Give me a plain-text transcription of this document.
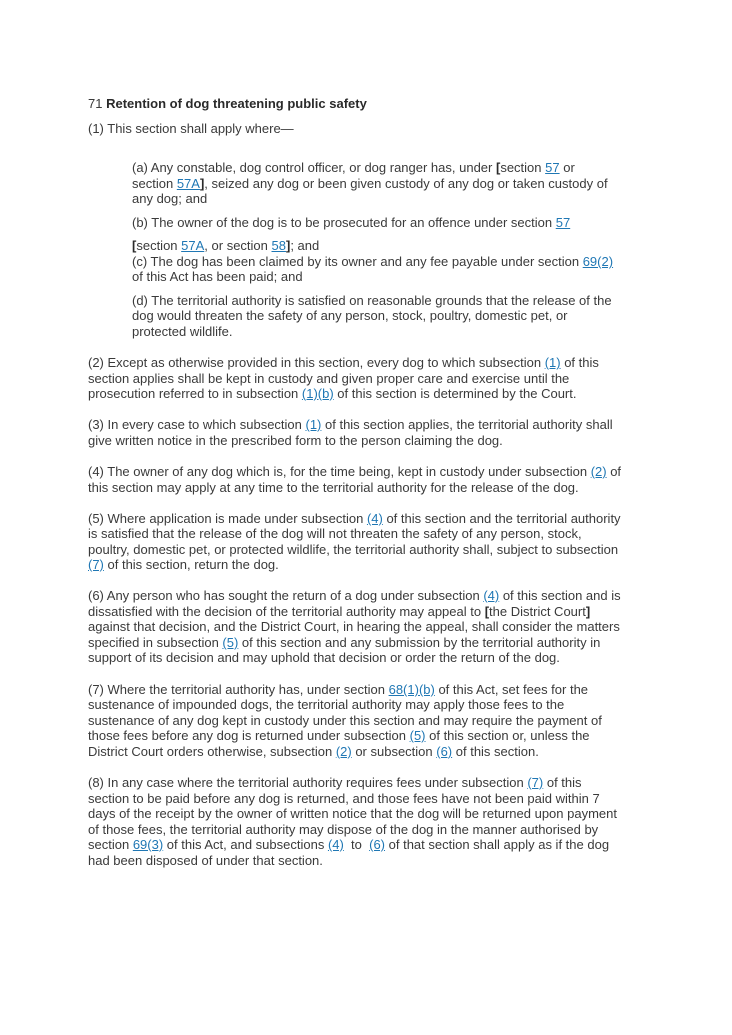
71 Retention of dog threatening public safety
(1) This section shall apply where—
(a) Any constable, dog control officer, or dog ranger has, under [section 57 or
section 57A], seized any dog or been given custody of any dog or taken custody of
any dog; and
(b) The owner of the dog is to be prosecuted for an offence under section 57
[section 57A, or section 58]; and
(c) The dog has been claimed by its owner and any fee payable under section 69(2)
of this Act has been paid; and
(d) The territorial authority is satisfied on reasonable grounds that the release of the
dog would threaten the safety of any person, stock, poultry, domestic pet, or
protected wildlife.
(2) Except as otherwise provided in this section, every dog to which subsection (1) of this
section applies shall be kept in custody and given proper care and exercise until the
prosecution referred to in subsection (1)(b) of this section is determined by the Court.
(3) In every case to which subsection (1) of this section applies, the territorial authority shall
give written notice in the prescribed form to the person claiming the dog.
(4) The owner of any dog which is, for the time being, kept in custody under subsection (2) of
this section may apply at any time to the territorial authority for the release of the dog.
(5) Where application is made under subsection (4) of this section and the territorial authority
is satisfied that the release of the dog will not threaten the safety of any person, stock,
poultry, domestic pet, or protected wildlife, the territorial authority shall, subject to subsection
(7) of this section, return the dog.
(6) Any person who has sought the return of a dog under subsection (4) of this section and is
dissatisfied with the decision of the territorial authority may appeal to [the District Court]
against that decision, and the District Court, in hearing the appeal, shall consider the matters
specified in subsection (5) of this section and any submission by the territorial authority in
support of its decision and may uphold that decision or order the return of the dog.
(7) Where the territorial authority has, under section 68(1)(b) of this Act, set fees for the
sustenance of impounded dogs, the territorial authority may apply those fees to the
sustenance of any dog kept in custody under this section and may require the payment of
those fees before any dog is returned under subsection (5) of this section or, unless the
District Court orders otherwise, subsection (2) or subsection (6) of this section.
(8) In any case where the territorial authority requires fees under subsection (7) of this
section to be paid before any dog is returned, and those fees have not been paid within 7
days of the receipt by the owner of written notice that the dog will be returned upon payment
of those fees, the territorial authority may dispose of the dog in the manner authorised by
section 69(3) of this Act, and subsections (4)  to  (6) of that section shall apply as if the dog
had been disposed of under that section.
